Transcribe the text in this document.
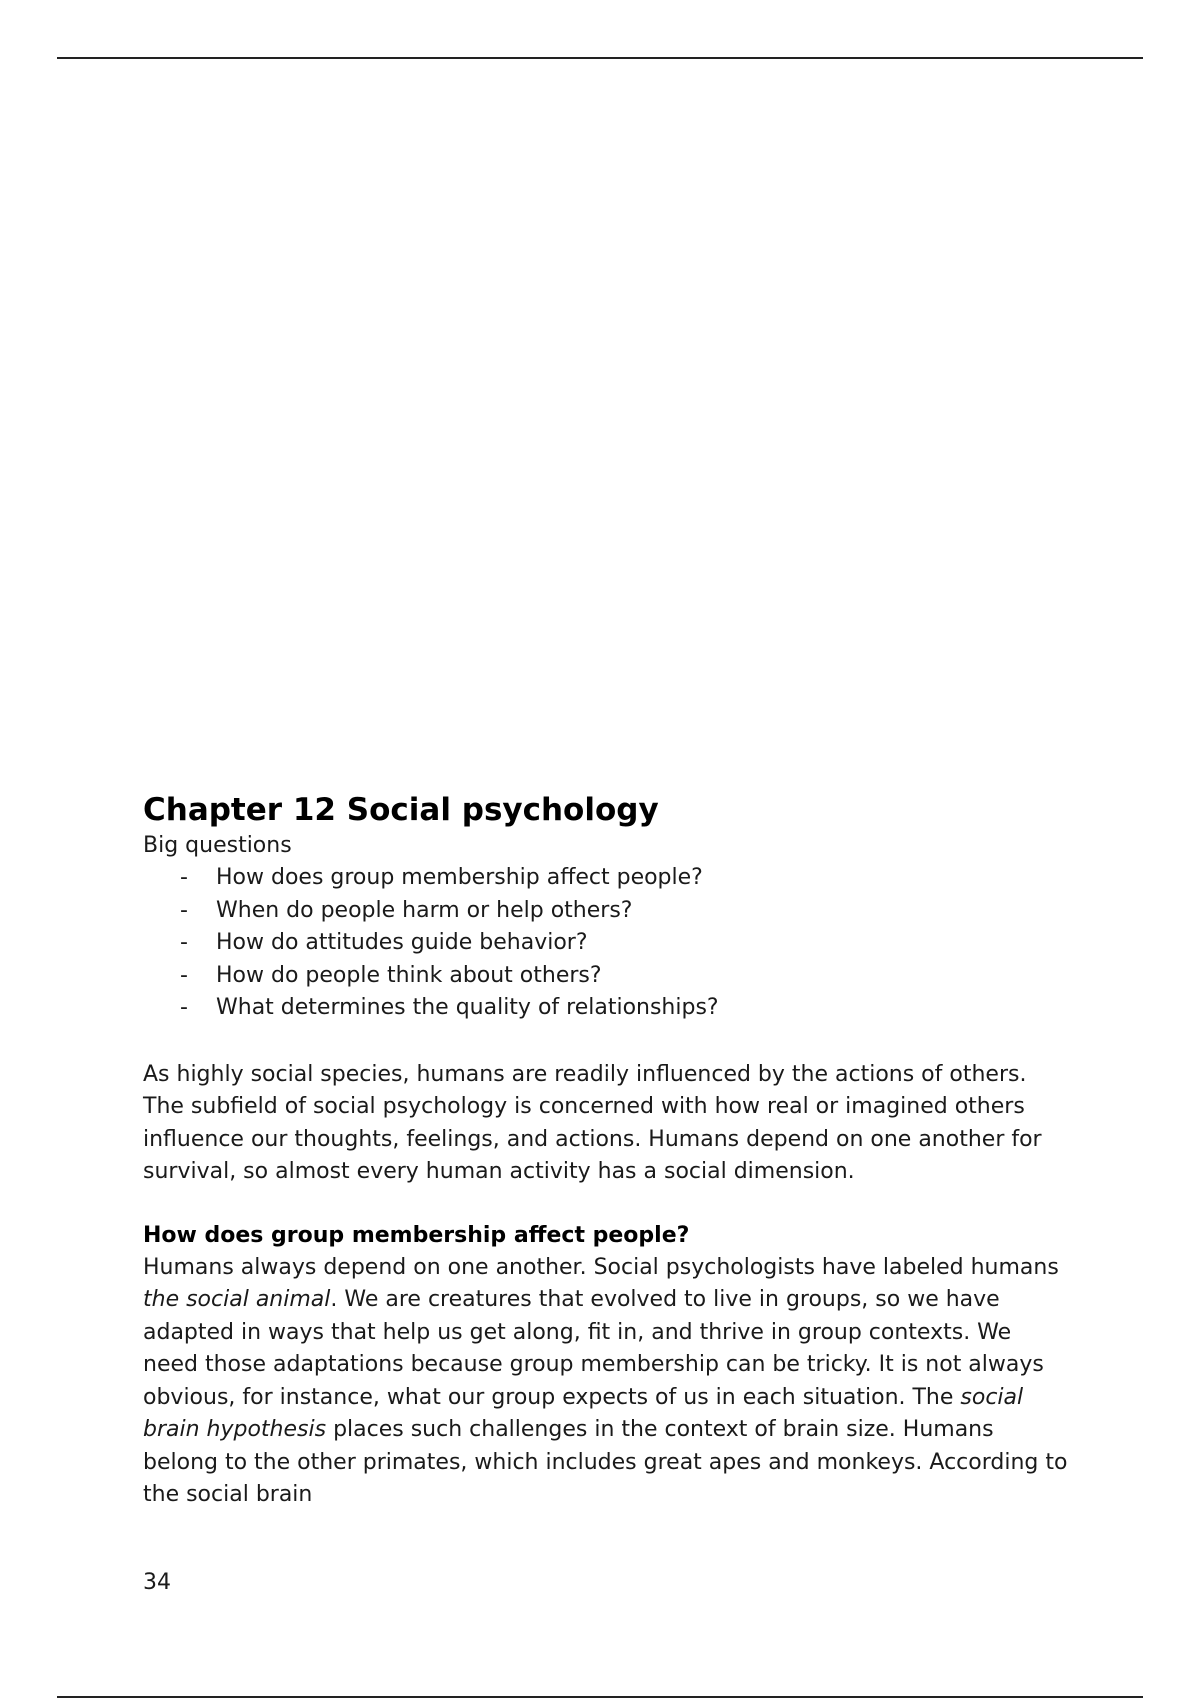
Chapter 12 Social psychology
Big questions
- How does group membership affect people?
- When do people harm or help others?
- How do attitudes guide behavior?
- How do people think about others?
- What determines the quality of relationships?

As highly social species, humans are readily influenced by the actions of others. The subfield of social psychology is concerned with how real or imagined others influence our thoughts, feelings, and actions. Humans depend on one another for survival, so almost every human activity has a social dimension.

How does group membership affect people?

Humans always depend on one another. Social psychologists have labeled humans the social animal. We are creatures that evolved to live in groups, so we have adapted in ways that help us get along, fit in, and thrive in group contexts. We need those adaptations because group membership can be tricky. It is not always obvious, for instance, what our group expects of us in each situation. The social brain hypothesis places such challenges in the context of brain size. Humans belong to the other primates, which includes great apes and monkeys. According to the social brain

34
